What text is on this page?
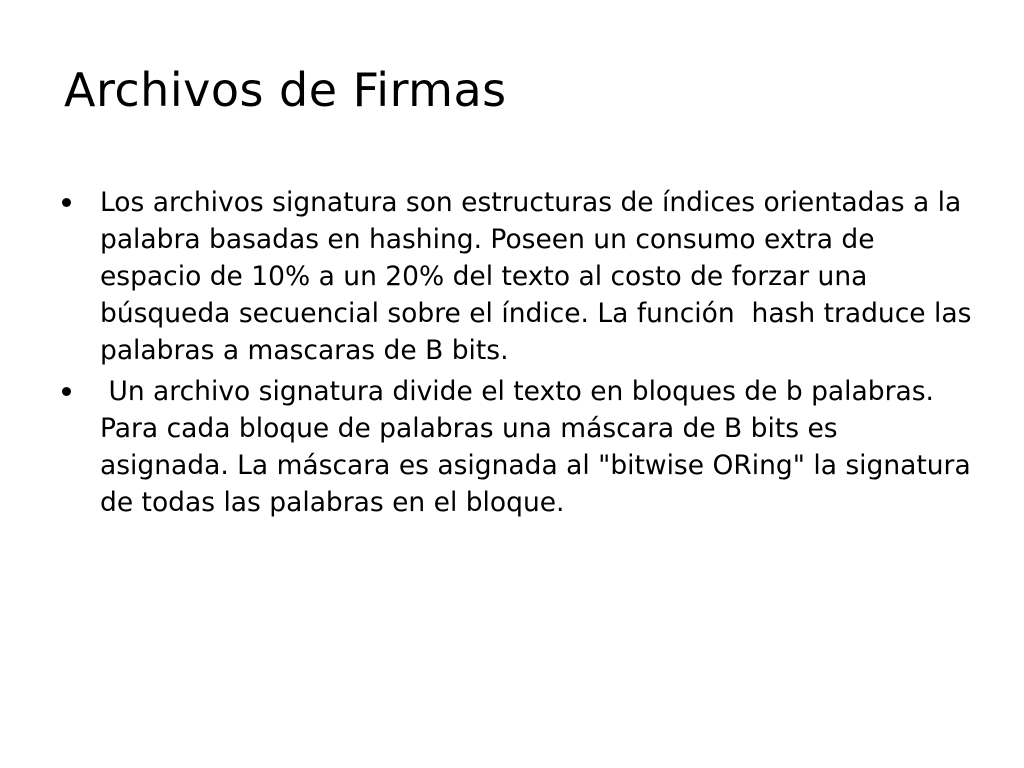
Archivos de Firmas
Los archivos signatura son estructuras de índices orientadas a la palabra basadas en hashing. Poseen un consumo extra de espacio de 10% a un 20% del texto al costo de forzar una búsqueda secuencial sobre el índice. La función  hash traduce las palabras a mascaras de B bits.
Un archivo signatura divide el texto en bloques de b palabras. Para cada bloque de palabras una máscara de B bits es asignada. La máscara es asignada al "bitwise ORing" la signatura de todas las palabras en el bloque.
